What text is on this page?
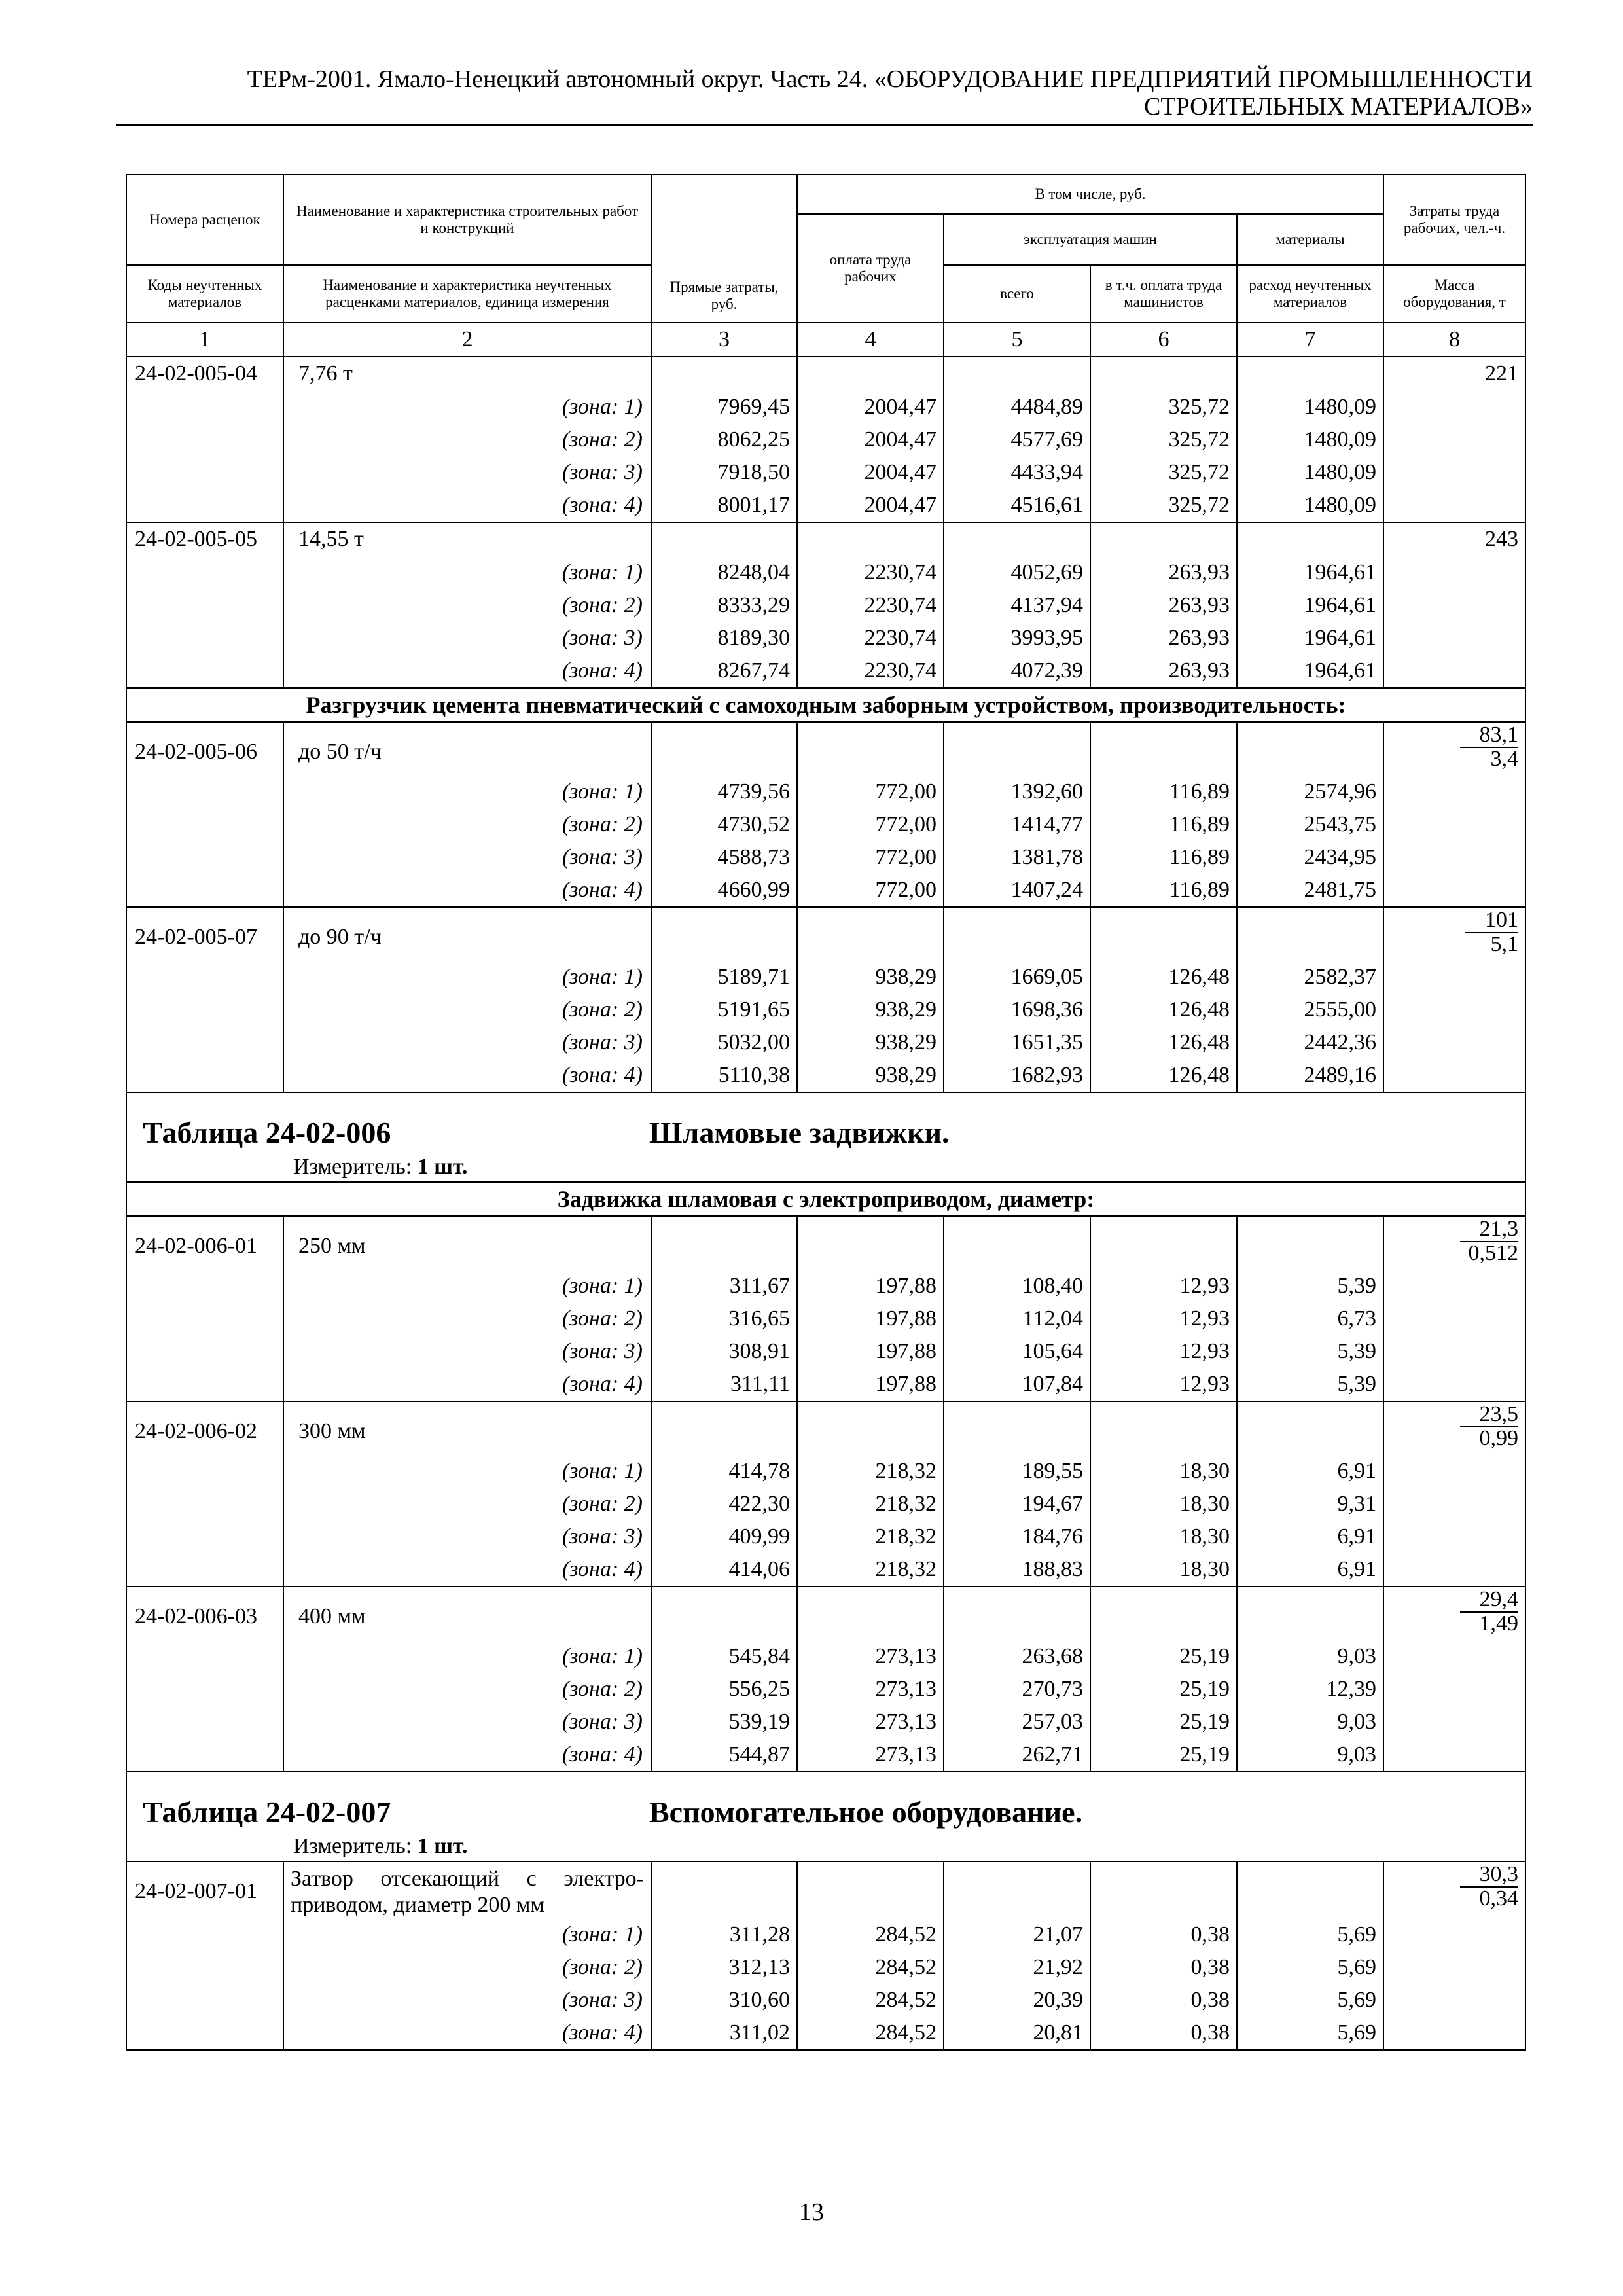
ТЕРм-2001. Ямало-Ненецкий автономный округ. Часть 24. «ОБОРУДОВАНИЕ ПРЕДПРИЯТИЙ ПРОМЫШЛЕННОСТИ
СТРОИТЕЛЬНЫХ МАТЕРИАЛОВ»
Номера расценок	Наименование и характеристика строительных работ и конструкций	Прямые затраты, руб.	В том числе, руб.				Затраты труда рабочих, чел.-ч.
			оплата труда рабочих	эксплуатация машин		материалы	
Коды неучтенных материалов	Наименование и характеристика неучтенных расценками материалов, единица измерения			всего	в т.ч. оплата труда машинистов	расход неучтенных материалов	Масса оборудования, т
1	2	3	4	5	6	7	8
24-02-005-04	7,76 т						221
	(зона: 1)	7969,45	2004,47	4484,89	325,72	1480,09	
	(зона: 2)	8062,25	2004,47	4577,69	325,72	1480,09	
	(зона: 3)	7918,50	2004,47	4433,94	325,72	1480,09	
	(зона: 4)	8001,17	2004,47	4516,61	325,72	1480,09	
24-02-005-05	14,55 т						243
	(зона: 1)	8248,04	2230,74	4052,69	263,93	1964,61	
	(зона: 2)	8333,29	2230,74	4137,94	263,93	1964,61	
	(зона: 3)	8189,30	2230,74	3993,95	263,93	1964,61	
	(зона: 4)	8267,74	2230,74	4072,39	263,93	1964,61	
Разгрузчик цемента пневматический с самоходным заборным устройством, производительность:							
24-02-005-06	до 50 т/ч						$\frac{83,1}{3,4}$

	(зона: 1)	4739,56	772,00	1392,60	116,89	2574,96	
	(зона: 2)	4730,52	772,00	1414,77	116,89	2543,75	
	(зона: 3)	4588,73	772,00	1381,78	116,89	2434,95	
	(зона: 4)	4660,99	772,00	1407,24	116,89	2481,75	
24-02-005-07	до 90 т/ч						$\frac{101}{5,1}$

	(зона: 1)	5189,71	938,29	1669,05	126,48	2582,37	
	(зона: 2)	5191,65	938,29	1698,36	126,48	2555,00	
	(зона: 3)	5032,00	938,29	1651,35	126,48	2442,36	
	(зона: 4)	5110,38	938,29	1682,93	126,48	2489,16	

Таблица 24-02-006 Шламовые задвижки.
Измеритель: 1 шт.							

Задвижка шламовая с электроприводом, диаметр:							
24-02-006-01	250 мм						$\frac{21,3}{0,512}$

	(зона: 1)	311,67	197,88	108,40	12,93	5,39	
	(зона: 2)	316,65	197,88	112,04	12,93	6,73	
	(зона: 3)	308,91	197,88	105,64	12,93	5,39	
	(зона: 4)	311,11	197,88	107,84	12,93	5,39	
24-02-006-02	300 мм						$\frac{23,5}{0,99}$

	(зона: 1)	414,78	218,32	189,55	18,30	6,91	
	(зона: 2)	422,30	218,32	194,67	18,30	9,31	
	(зона: 3)	409,99	218,32	184,76	18,30	6,91	
	(зона: 4)	414,06	218,32	188,83	18,30	6,91	
24-02-006-03	400 мм						$\frac{29,4}{1,49}$

	(зона: 1)	545,84	273,13	263,68	25,19	9,03	
	(зона: 2)	556,25	273,13	270,73	25,19	12,39	
	(зона: 3)	539,19	273,13	257,03	25,19	9,03	
	(зона: 4)	544,87	273,13	262,71	25,19	9,03	

Таблица 24-02-007 Вспомогательное оборудование.
Измеритель: 1 шт.							

24-02-007-01	Затвор отсекающий с электро-приводом, диаметр 200 мм						$\frac{30,3}{0,34}$

	(зона: 1)	311,28	284,52	21,07	0,38	5,69	
	(зона: 2)	312,13	284,52	21,92	0,38	5,69	
	(зона: 3)	310,60	284,52	20,39	0,38	5,69	
	(зона: 4)	311,02	284,52	20,81	0,38	5,69	
13
